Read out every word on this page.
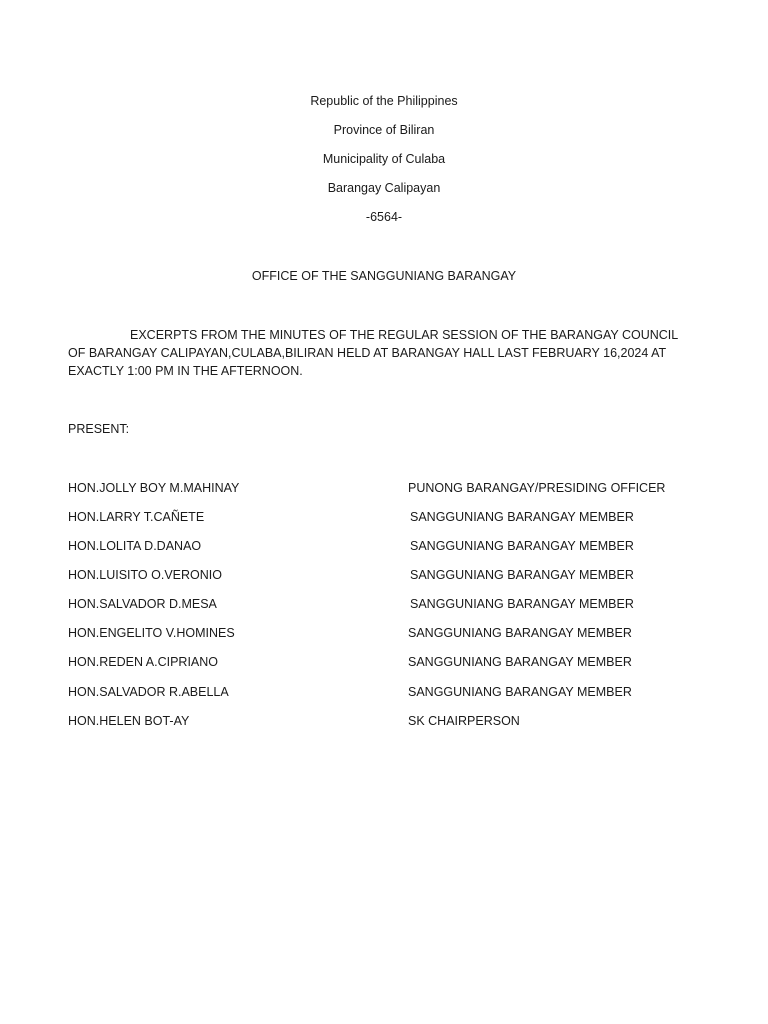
Republic of the Philippines
Province of Biliran
Municipality of Culaba
Barangay Calipayan
-6564-
OFFICE OF THE SANGGUNIANG BARANGAY
EXCERPTS FROM THE MINUTES OF THE REGULAR SESSION OF THE BARANGAY COUNCIL OF BARANGAY CALIPAYAN,CULABA,BILIRAN HELD AT BARANGAY HALL LAST FEBRUARY 16,2024 AT EXACTLY 1:00 PM IN THE AFTERNOON.
PRESENT:
HON.JOLLY BOY M.MAHINAY	PUNONG BARANGAY/PRESIDING OFFICER
HON.LARRY T.CAÑETE	SANGGUNIANG BARANGAY MEMBER
HON.LOLITA D.DANAO	SANGGUNIANG BARANGAY MEMBER
HON.LUISITO O.VERONIO	SANGGUNIANG BARANGAY MEMBER
HON.SALVADOR D.MESA	SANGGUNIANG BARANGAY MEMBER
HON.ENGELITO V.HOMINES	SANGGUNIANG BARANGAY MEMBER
HON.REDEN A.CIPRIANO	SANGGUNIANG BARANGAY MEMBER
HON.SALVADOR R.ABELLA	SANGGUNIANG BARANGAY MEMBER
HON.HELEN BOT-AY	SK CHAIRPERSON
